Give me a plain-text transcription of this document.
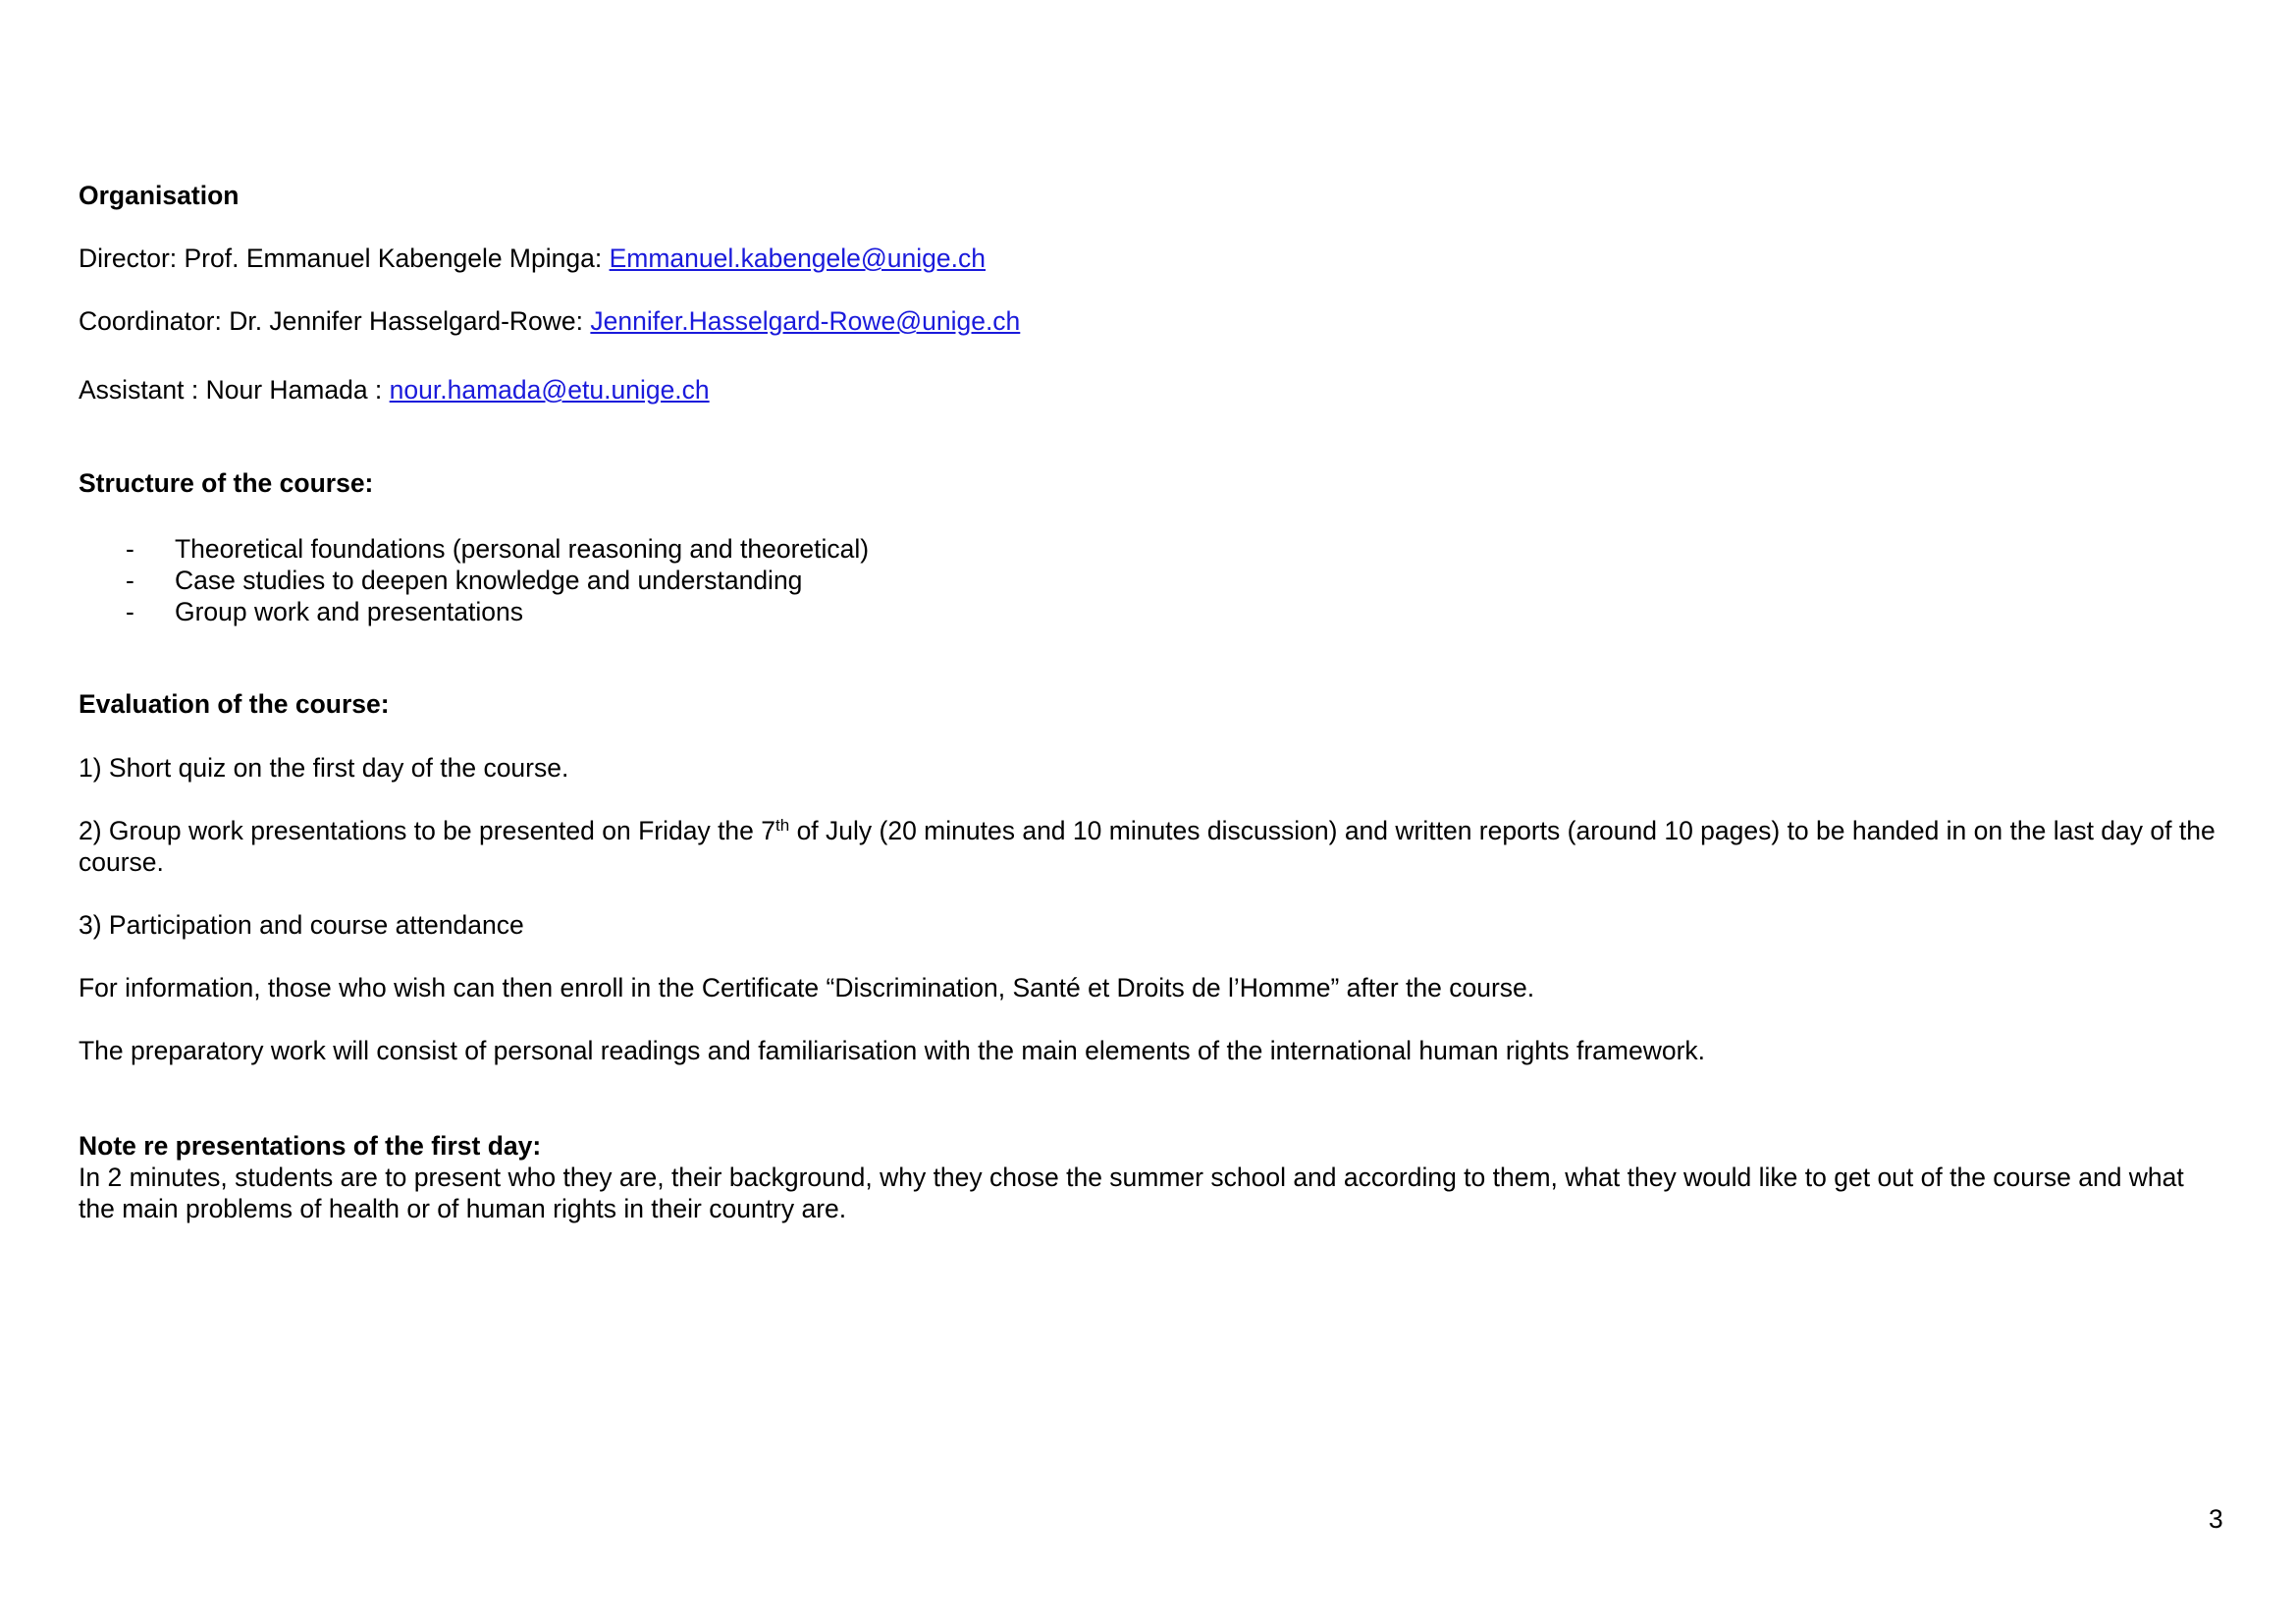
Organisation

Director: Prof. Emmanuel Kabengele Mpinga: Emmanuel.kabengele@unige.ch

Coordinator: Dr. Jennifer Hasselgard-Rowe: Jennifer.Hasselgard-Rowe@unige.ch

Assistant : Nour Hamada : nour.hamada@etu.unige.ch

Structure of the course:

- Theoretical foundations (personal reasoning and theoretical)
- Case studies to deepen knowledge and understanding
- Group work and presentations

Evaluation of the course:

1) Short quiz on the first day of the course.

2) Group work presentations to be presented on Friday the 7th of July (20 minutes and 10 minutes discussion) and written reports (around 10 pages) to be handed in on the last day of the course.

3) Participation and course attendance

For information, those who wish can then enroll in the Certificate “Discrimination, Santé et Droits de l’Homme” after the course.

The preparatory work will consist of personal readings and familiarisation with the main elements of the international human rights framework.

Note re presentations of the first day:

In 2 minutes, students are to present who they are, their background, why they chose the summer school and according to them, what they would like to get out of the course and what the main problems of health or of human rights in their country are.

3
